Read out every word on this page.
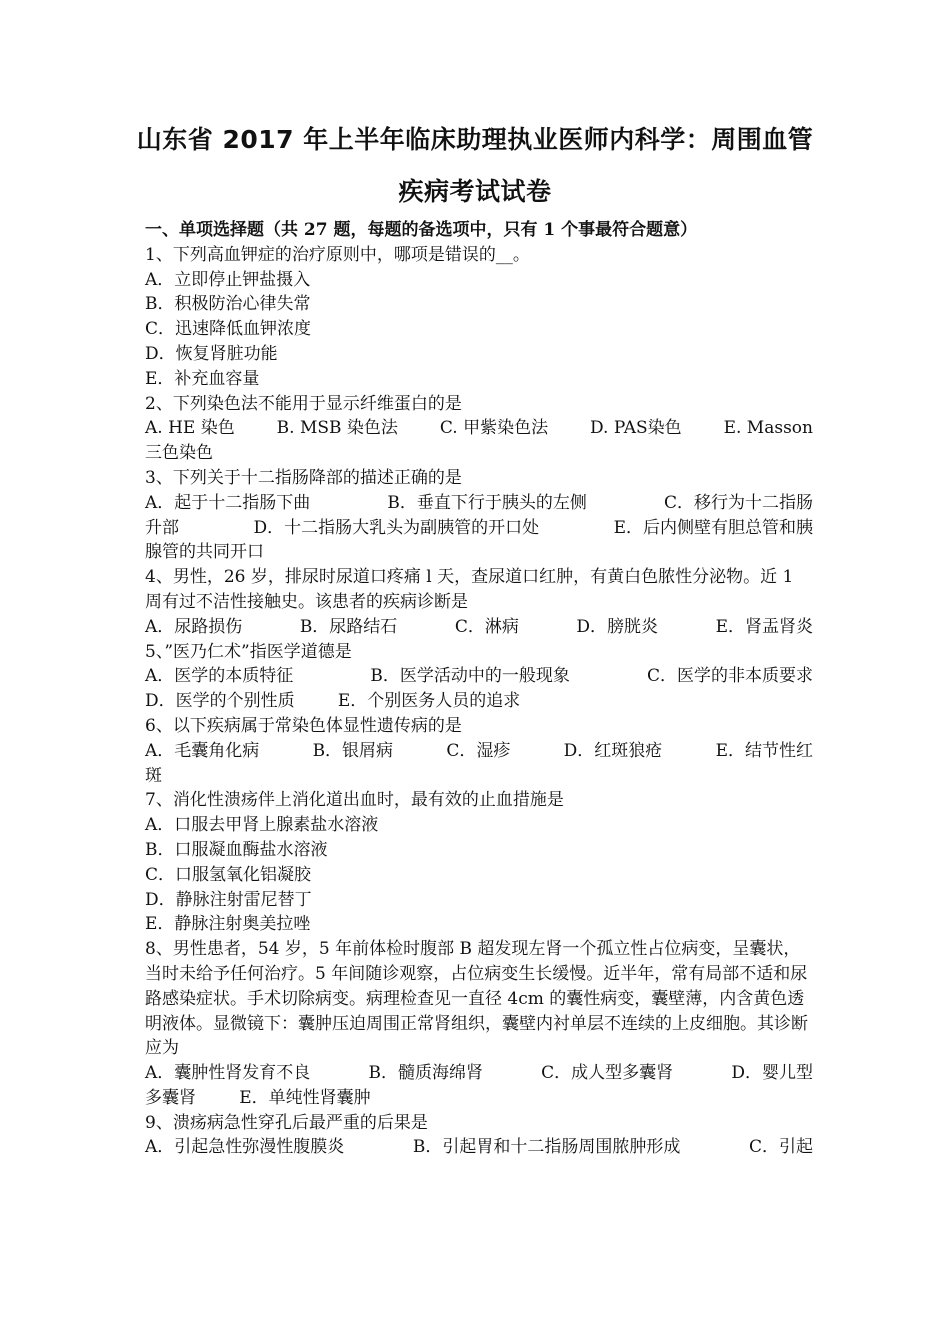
山东省 2017 年上半年临床助理执业医师内科学：周围血管
疾病考试试卷
一、单项选择题（共 27 题，每题的备选项中，只有 1 个事最符合题意）
1、下列高血钾症的治疗原则中，哪项是错误的__。
A．立即停止钾盐摄入
B．积极防治心律失常
C．迅速降低血钾浓度
D．恢复肾脏功能
E．补充血容量
2、下列染色法不能用于显示纤维蛋白的是
A. HE 染色 B. MSB 染色法 C. 甲紫染色法 D. PAS染色 E. Masson
三色染色
3、下列关于十二指肠降部的描述正确的是
A．起于十二指肠下曲	B．垂直下行于胰头的左侧	C．移行为十二指肠
升部	D．十二指肠大乳头为副胰管的开口处	E．后内侧壁有胆总管和胰
腺管的共同开口
4、男性，26 岁，排尿时尿道口疼痛 l 天，查尿道口红肿，有黄白色脓性分泌物。近 1 周有过不洁性接触史。该患者的疾病诊断是
A．尿路损伤	B．尿路结石	C．淋病	D．膀胱炎	E．肾盂肾炎
5、”医乃仁术”指医学道德是
A．医学的本质特征	B．医学活动中的一般现象	C．医学的非本质要求
D．医学的个别性质	E．个别医务人员的追求
6、以下疾病属于常染色体显性遗传病的是
A．毛囊角化病	B．银屑病	C．湿疹	D．红斑狼疮	E．结节性红
斑
7、消化性溃疡伴上消化道出血时，最有效的止血措施是
A．口服去甲肾上腺素盐水溶液
B．口服凝血酶盐水溶液
C．口服氢氧化铝凝胶
D．静脉注射雷尼替丁
E．静脉注射奥美拉唑
8、男性患者，54 岁，5 年前体检时腹部 B 超发现左肾一个孤立性占位病变，呈囊状，当时未给予任何治疗。5 年间随诊观察，占位病变生长缓慢。近半年，常有局部不适和尿路感染症状。手术切除病变。病理检查见一直径 4cm 的囊性病变，囊壁薄，内含黄色透明液体。显微镜下：囊肿压迫周围正常肾组织，囊壁内衬单层不连续的上皮细胞。其诊断应为
A．囊肿性肾发育不良	B．髓质海绵肾	C．成人型多囊肾	D．婴儿型
多囊肾	E．单纯性肾囊肿
9、溃疡病急性穿孔后最严重的后果是
A．引起急性弥漫性腹膜炎	B．引起胃和十二指肠周围脓肿形成	C．引起
